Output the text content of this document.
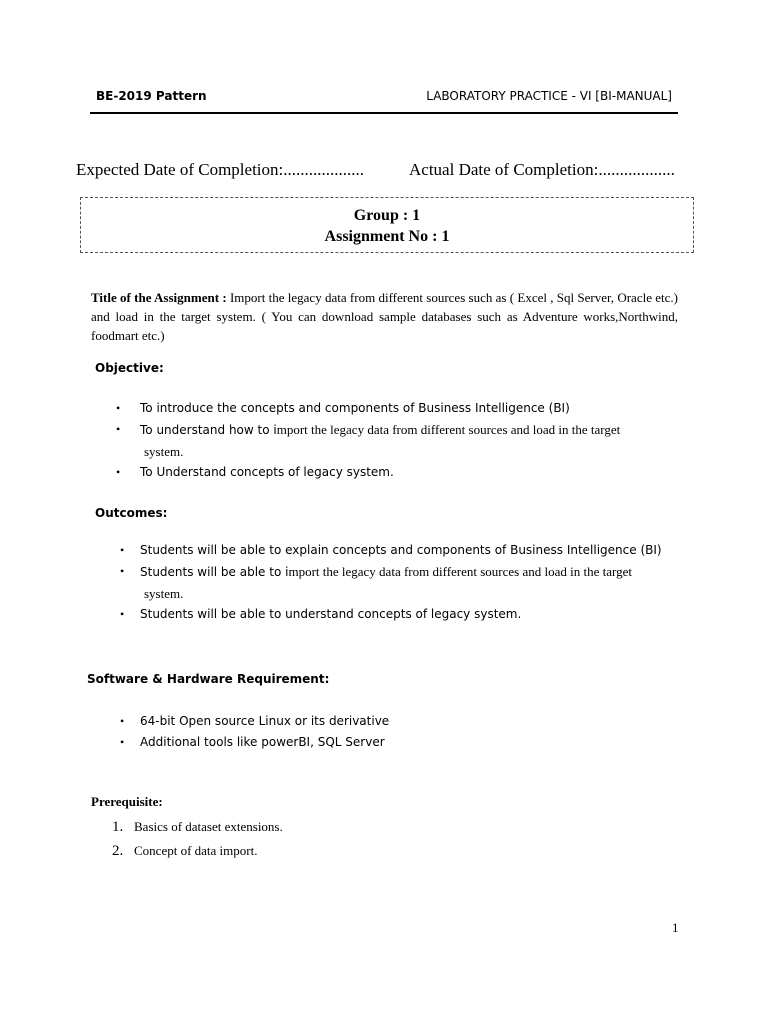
BE-2019 Pattern	LABORATORY PRACTICE - VI [BI-MANUAL]
Expected Date of Completion:...................	Actual Date of Completion:..................
Group : 1
Assignment No : 1
Title of the Assignment : Import the legacy data from different sources such as ( Excel , Sql Server, Oracle etc.) and load in the target system. ( You can download sample databases such as Adventure works,Northwind, foodmart etc.)
Objective:
• To introduce the concepts and components of Business Intelligence (BI)
• To understand how to import the legacy data from different sources and load in the target
system.
• To Understand concepts of legacy system.
Outcomes:
• Students will be able to explain concepts and components of Business Intelligence (BI)
• Students will be able to import the legacy data from different sources and load in the target
system.
• Students will be able to understand concepts of legacy system.
Software & Hardware Requirement:
• 64-bit Open source Linux or its derivative
• Additional tools like powerBI, SQL Server
Prerequisite:
1. Basics of dataset extensions.
2. Concept of data import.
1
